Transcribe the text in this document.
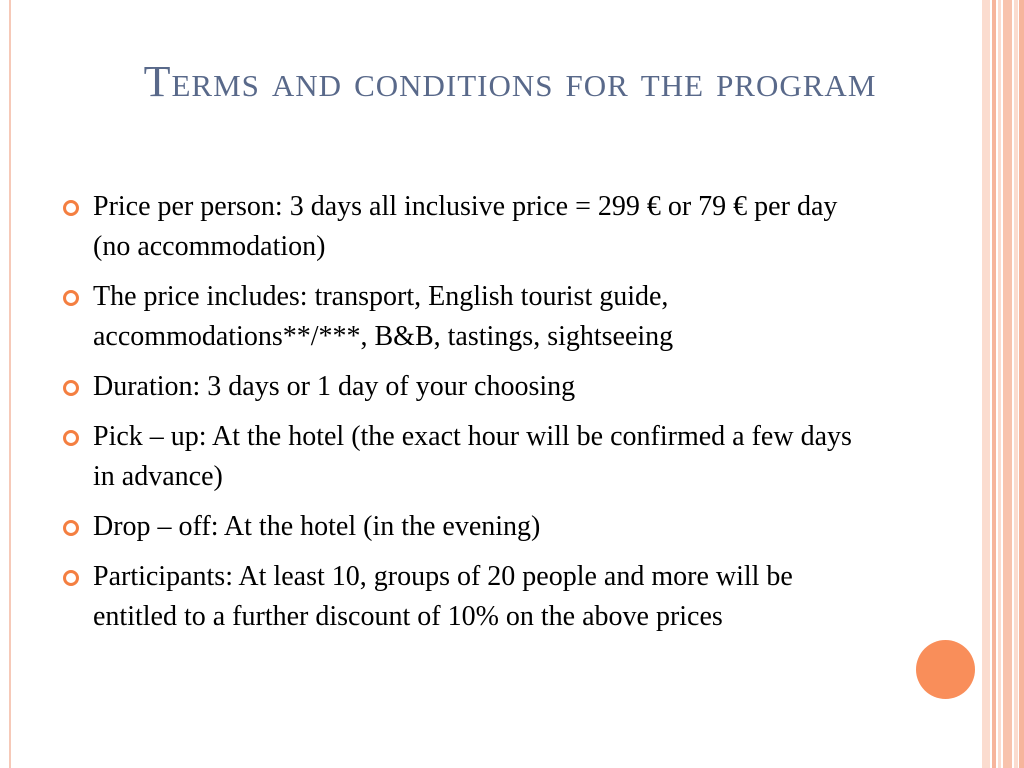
Terms and conditions for the program
Price per person: 3 days all inclusive price = 299 € or 79 € per day (no accommodation)
The price includes: transport, English tourist guide, accommodations**/***, B&B, tastings, sightseeing
Duration: 3 days or 1 day of your choosing
Pick – up: At the hotel (the exact hour will be confirmed a few days in advance)
Drop – off: At the hotel (in the evening)
Participants: At least 10, groups of 20 people and more will be entitled to a further discount of 10% on the above prices
